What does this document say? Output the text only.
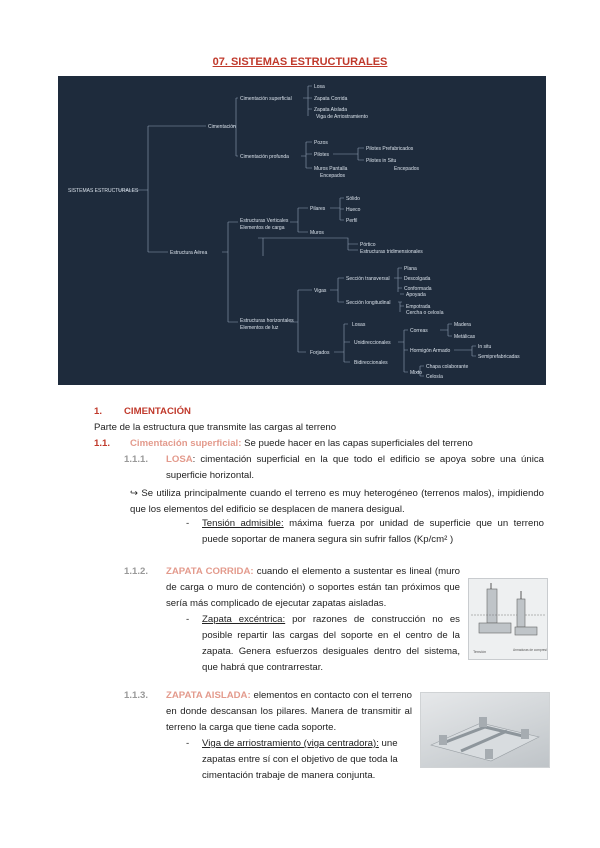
07. SISTEMAS ESTRUCTURALES
SISTEMAS ESTRUCTURALES
Cimentación
Cimentación superficial
Losa
Zapata Corrida
Zapata Aislada
Viga de Arriostramiento
Cimentación profunda
Pozos
Pilotes
Muros Pantalla
Pilotes Prefabricados
Pilotes in Situ
Encepados
Encepados
Estructura Aérea
Estructuras Verticales
Elementos de carga
Pilares
Sólido
Hueco
Perfil
Muros
Pórtico
Estructuras tridimensionales
Estructuras horizontales
Elementos de luz
Vigas
Sección transversal
Plana
Descolgada
Conformada
Sección longitudinal
Apoyada
Empotrada
Cercha o celosía
Forjados
Losas
Unidireccionales
Bidireccionales
Correas
Madera
Metálicas
Hormigón Armado
In situ
Semiprefabricadas
Mixto
Chapa colaborante
Celosía
1. CIMENTACIÓN
Parte de la estructura que transmite las cargas al terreno
1.1. Cimentación superficial: Se puede hacer en las capas superficiales del terreno
1.1.1. LOSA: cimentación superficial en la que todo el edificio se apoya sobre una única superficie horizontal.
↪ Se utiliza principalmente cuando el terreno es muy heterogéneo (terrenos malos), impidiendo que los elementos del edificio se desplacen de manera desigual.
- Tensión admisible: máxima fuerza por unidad de superficie que un terreno puede soportar de manera segura sin sufrir fallos (Kp/cm² )
1.1.2. ZAPATA CORRIDA: cuando el elemento a sustentar es lineal (muro de carga o muro de contención) o soportes están tan próximos que sería más complicado de ejecutar zapatas aisladas.
- Zapata excéntrica: por razones de construcción no es posible repartir las cargas del soporte en el centro de la zapata. Genera esfuerzos desiguales dentro del sistema, que habrá que contrarrestar.
1.1.3. ZAPATA AISLADA: elementos en contacto con el terreno en donde descansan los pilares. Manera de transmitir al terreno la carga que tiene cada soporte.
- Viga de arriostramiento (viga centradora): une zapatas entre sí con el objetivo de que toda la cimentación trabaje de manera conjunta.
Tensión	Armaduras de compresión
